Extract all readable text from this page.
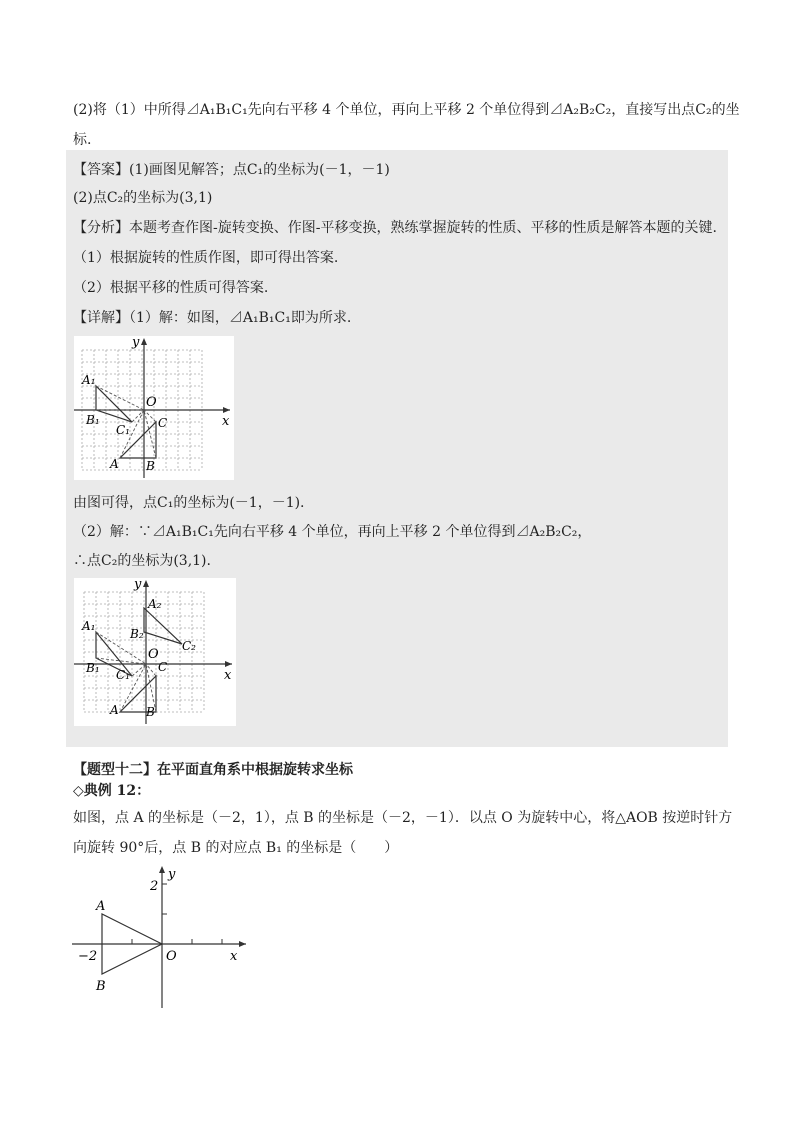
(2)将（1）中所得⊿A₁B₁C₁先向右平移 4 个单位，再向上平移 2 个单位得到⊿A₂B₂C₂，直接写出点C₂的坐
标.
【答案】(1)画图见解答；点C₁的坐标为(－1，－1)
(2)点C₂的坐标为(3,1)
【分析】本题考查作图-旋转变换、作图-平移变换，熟练掌握旋转的性质、平移的性质是解答本题的关键.
（1）根据旋转的性质作图，即可得出答案.
（2）根据平移的性质可得答案.
【详解】（1）解：如图，⊿A₁B₁C₁即为所求.
y
x
O
A₁
B₁
C₁ C
A B
由图可得，点C₁的坐标为(－1，－1).
（2）解：∵⊿A₁B₁C₁先向右平移 4 个单位，再向上平移 2 个单位得到⊿A₂B₂C₂，
∴点C₂的坐标为(3,1).
y
x
O
A₁
B₁ C₁
C
A B
A₂
B₂
C₂
【题型十二】在平面直角系中根据旋转求坐标
◇典例 12：
如图，点 A 的坐标是（－2，1），点 B 的坐标是（－2，－1）．以点 O 为旋转中心，将△AOB 按逆时针方
向旋转 90°后，点 B 的对应点 B₁ 的坐标是（　　）
y
2
x
O
−2
A
B
